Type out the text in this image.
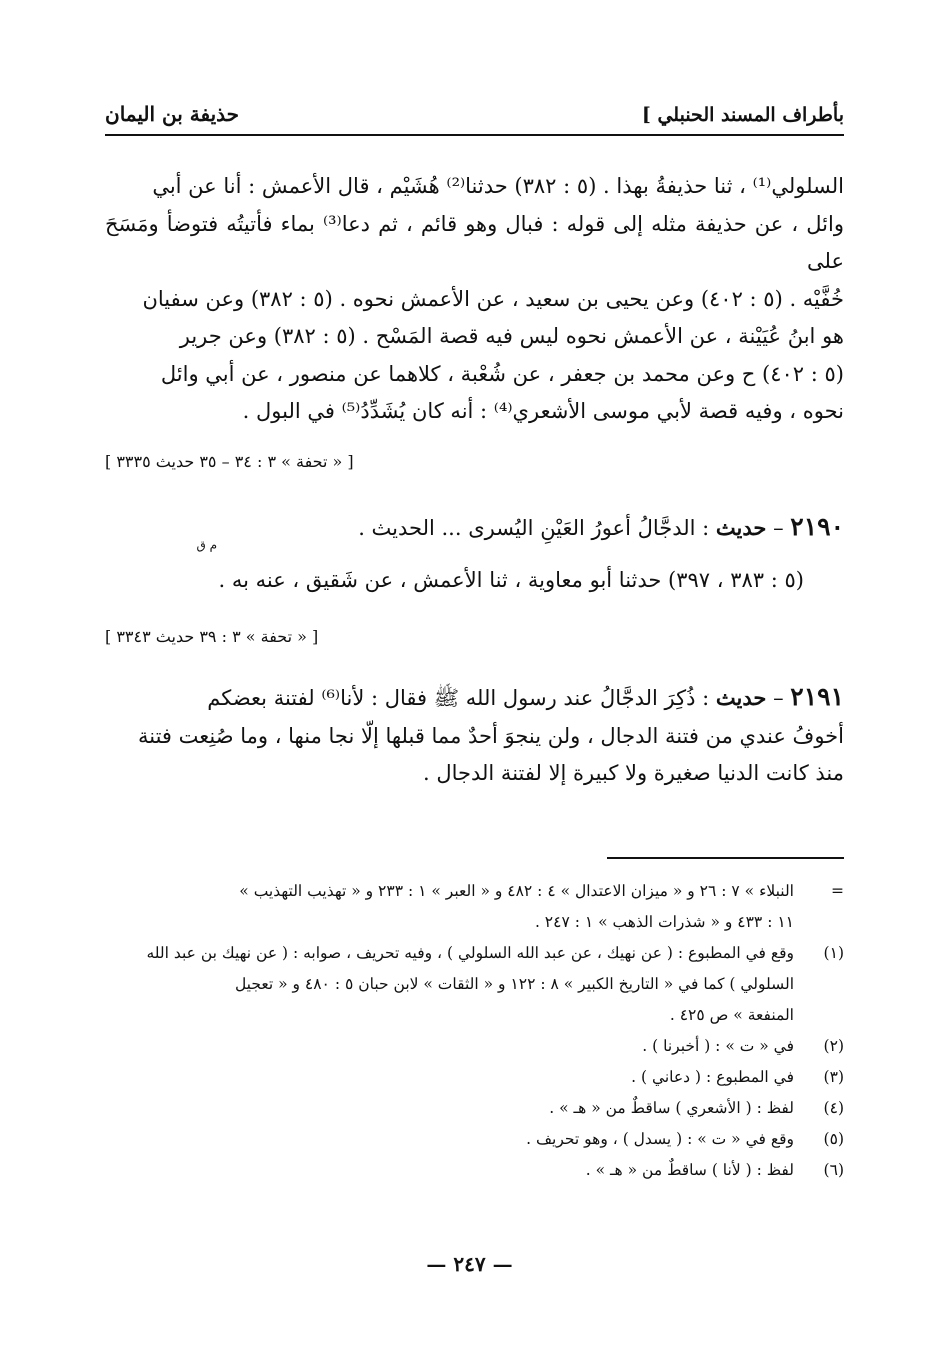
بأطراف المسند الحنبلي ]
حذيفة بن اليمان

السلولي⁽¹⁾ ، ثنا حذيفةُ بهذا . (٥ : ٣٨٢) حدثنا⁽²⁾ هُشَيْم ، قال الأعمش : أنا عن أبي

وائل ، عن حذيفة مثله إلى قوله : فبال وهو قائم ، ثم دعا⁽³⁾ بماء فأتيتُه فتوضأ ومَسَحَ على

خُفَّيْه . (٥ : ٤٠٢) وعن يحيى بن سعيد ، عن الأعمش نحوه . (٥ : ٣٨٢) وعن سفيان

هو ابنُ عُيَيْنة ، عن الأعمش نحوه ليس فيه قصة المَسْح . (٥ : ٣٨٢) وعن جرير

(٥ : ٤٠٢) ح وعن محمد بن جعفر ، عن شُعْبة ، كلاهما عن منصور ، عن أبي وائل

نحوه ، وفيه قصة لأبي موسى الأشعري⁽⁴⁾ : أنه كان يُشَدِّدُ⁽⁵⁾ في البول .

[ « تحفة » ٣ : ٣٤ – ٣٥ حديث ٣٣٣٥ ]
٢١٩٠ – حديث : الدجَّالُ أعورُ العَيْنِ اليُسرى ... الحديث .
م ق
(٥ : ٣٨٣ ، ٣٩٧) حدثنا أبو معاوية ، ثنا الأعمش ، عن شَقيق ، عنه به .
[ « تحفة » ٣ : ٣٩ حديث ٣٣٤٣ ]

٢١٩١ – حديث : ذُكِرَ الدجَّالُ عند رسول الله ﷺ فقال : لأنا⁽⁶⁾ لفتنة بعضكم

أخوفُ عندي من فتنة الدجال ، ولن ينجوَ أحدٌ مما قبلها إلّا نجا منها ، وما صُنِعت فتنة

منذ كانت الدنيا صغيرة ولا كبيرة إلا لفتنة الدجال .

=
النبلاء » ٧ : ٢٦ و « ميزان الاعتدال » ٤ : ٤٨٢ و « العبر » ١ : ٢٣٣ و « تهذيب التهذيب »
١١ : ٤٣٣ و « شذرات الذهب » ١ : ٢٤٧ .
(١)
وقع في المطبوع : ( عن نهيك ، عن عبد الله السلولي ) ، وفيه تحريف ، صوابه : ( عن نهيك بن عبد الله
السلولي ) كما في « التاريخ الكبير » ٨ : ١٢٢ و « الثقات » لابن حبان ٥ : ٤٨٠ و « تعجيل
المنفعة » ص ٤٢٥ .
(٢)
في « ت » : ( أخبرنا ) .
(٣)
في المطبوع : ( دعاني ) .
(٤)
لفظ : ( الأشعري ) ساقطٌ من « هـ » .
(٥)
وقع في « ت » : ( يسدل ) ، وهو تحريف .
(٦)
لفظ : ( لأنا ) ساقطٌ من « هـ » .
— ٢٤٧ —
